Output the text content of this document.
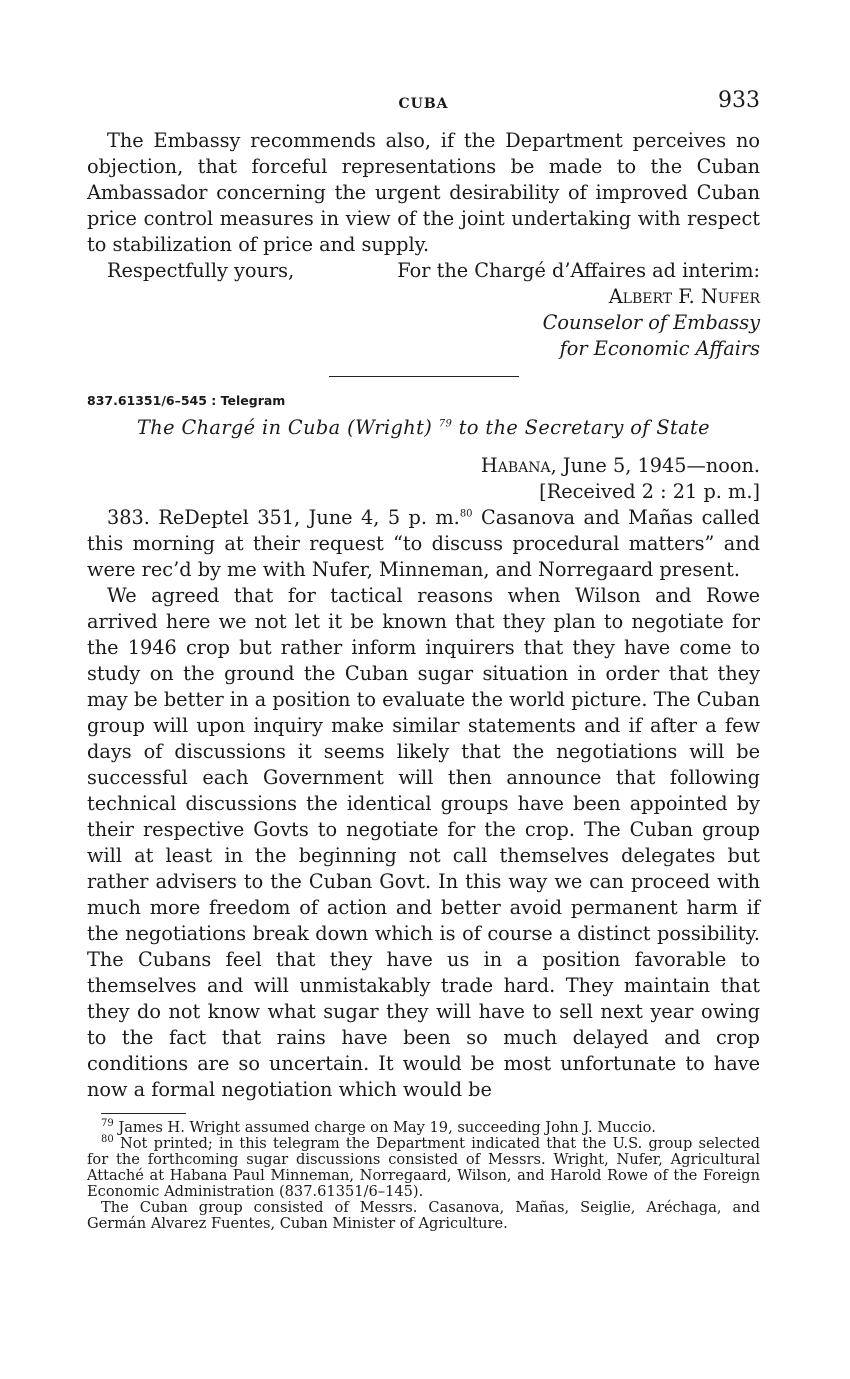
CUBA	933

The Embassy recommends also, if the Department perceives no objection, that forceful representations be made to the Cuban Ambassador concerning the urgent desirability of improved Cuban price control measures in view of the joint undertaking with respect to stabilization of price and supply.

Respectfully yours,	For the Chargé d’Affaires ad interim:
Albert F. Nufer
Counselor of Embassy
for Economic Affairs

837.61351/6–545 : Telegram

The Chargé in Cuba (Wright) $^{79}$ to the Secretary of State

Habana, June 5, 1945—noon.
[Received 2 : 21 p. m.]

383. ReDeptel 351, June 4, 5 p. m.$^{80}$ Casanova and Mañas called this morning at their request “to discuss procedural matters” and were rec’d by me with Nufer, Minneman, and Norregaard present.

We agreed that for tactical reasons when Wilson and Rowe arrived here we not let it be known that they plan to negotiate for the 1946 crop but rather inform inquirers that they have come to study on the ground the Cuban sugar situation in order that they may be better in a position to evaluate the world picture. The Cuban group will upon inquiry make similar statements and if after a few days of discussions it seems likely that the negotiations will be successful each Government will then announce that following technical discussions the identical groups have been appointed by their respective Govts to negotiate for the crop. The Cuban group will at least in the beginning not call themselves delegates but rather advisers to the Cuban Govt. In this way we can proceed with much more freedom of action and better avoid permanent harm if the negotiations break down which is of course a distinct possibility. The Cubans feel that they have us in a position favorable to themselves and will unmistakably trade hard. They maintain that they do not know what sugar they will have to sell next year owing to the fact that rains have been so much delayed and crop conditions are so uncertain. It would be most unfortunate to have now a formal negotiation which would be

$^{79}$ James H. Wright assumed charge on May 19, succeeding John J. Muccio.

$^{80}$ Not printed; in this telegram the Department indicated that the U.S. group selected for the forthcoming sugar discussions consisted of Messrs. Wright, Nufer, Agricultural Attaché at Habana Paul Minneman, Norregaard, Wilson, and Harold Rowe of the Foreign Economic Administration (837.61351/6–145).

The Cuban group consisted of Messrs. Casanova, Mañas, Seiglie, Aréchaga, and Germán Alvarez Fuentes, Cuban Minister of Agriculture.
